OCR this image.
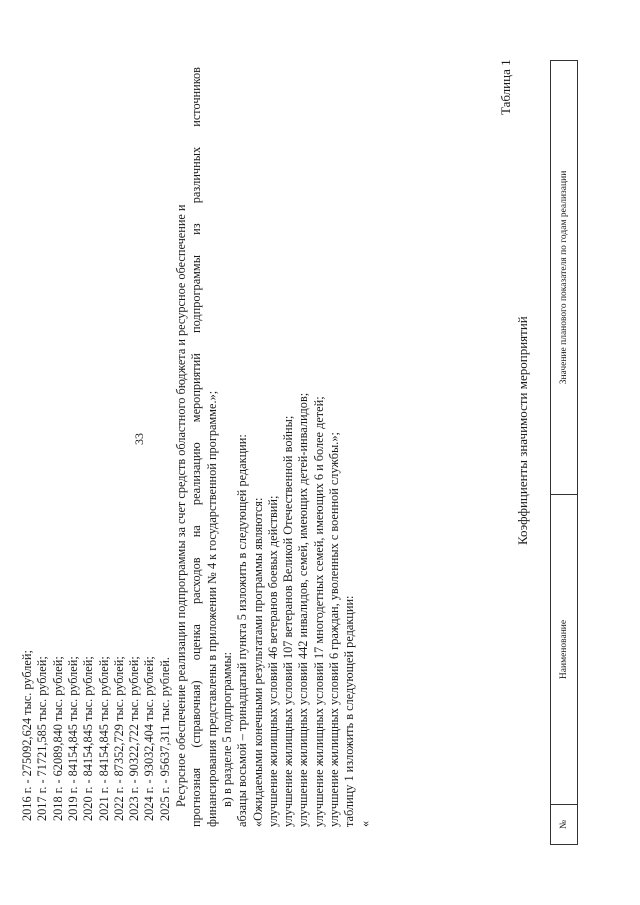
33
2016 г. - 275092,624 тыс. рублей; 2017 г. - 71721,585 тыс. рублей; 2018 г. - 62089,840 тыс. рублей; 2019 г. - 84154,845 тыс. рублей; 2020 г. - 84154,845 тыс. рублей; 2021 г. - 84154,845 тыс. рублей; 2022 г. - 87352,729 тыс. рублей; 2023 г. - 90322,722 тыс. рублей; 2024 г. - 93032,404 тыс. рублей; 2025 г. - 95637,311 тыс. рублей. Ресурсное обеспечение реализации подпрограммы за счет средств областного бюджета и ресурсное обеспечение и прогнозная (справочная) оценка расходов на реализацию мероприятий подпрограммы из различных источников финансирования представлены в приложении № 4 к государственной программе.»; в) в разделе 5 подпрограммы: абзацы восьмой – тринадцатый пункта 5 изложить в следующей редакции: «Ожидаемыми конечными результатами программы являются: улучшение жилищных условий 46 ветеранов боевых действий; улучшение жилищных условий 107 ветеранов Великой Отечественной войны; улучшение жилищных условий 442 инвалидов, семей, имеющих детей-инвалидов; улучшение жилищных условий 17 многодетных семей, имеющих 6 и более детей; улучшение жилищных условий 6 граждан, уволенных с военной службы.»; таблицу 1 изложить в следующей редакции: «
Таблица 1
Коэффициенты значимости мероприятий
№
Наименование
Значение планового показателя по годам реализации
